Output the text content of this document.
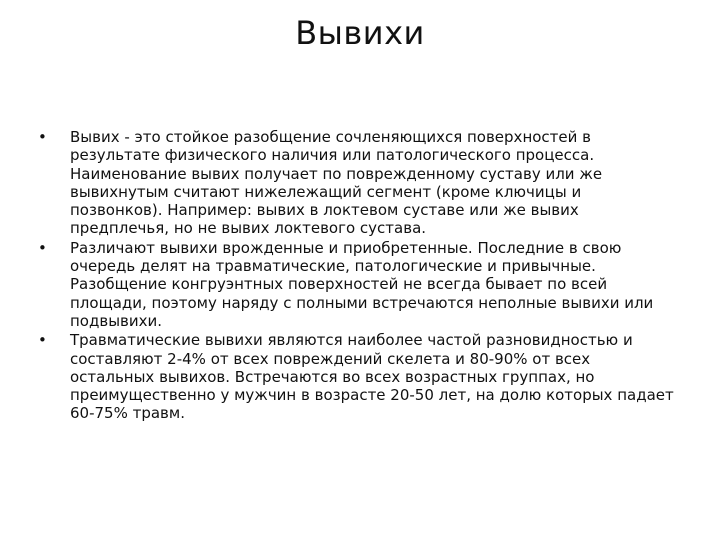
Вывихи
•	Вывих - это стойкое разобщение сочленяющихся поверхностей в результате физического наличия или патологического процесса. Наименование вывих получает по поврежденному суставу или же вывихнутым считают нижележащий сегмент (кроме ключицы и позвонков). Например: вывих в локтевом суставе или же вывих предплечья, но не вывих локтевого сустава.
•	Различают вывихи врожденные и приобретенные. Последние в свою очередь делят на травматические, патологические и привычные. Разобщение конгруэнтных поверхностей не всегда бывает по всей площади, поэтому наряду с полными встречаются неполные вывихи или подвывихи.
•	Травматические вывихи являются наиболее частой разновидностью и составляют 2-4% от всех повреждений скелета и 80-90% от всех остальных вывихов. Встречаются во всех возрастных группах, но преимущественно у мужчин в возрасте 20-50 лет, на долю которых падает 60-75% травм.
